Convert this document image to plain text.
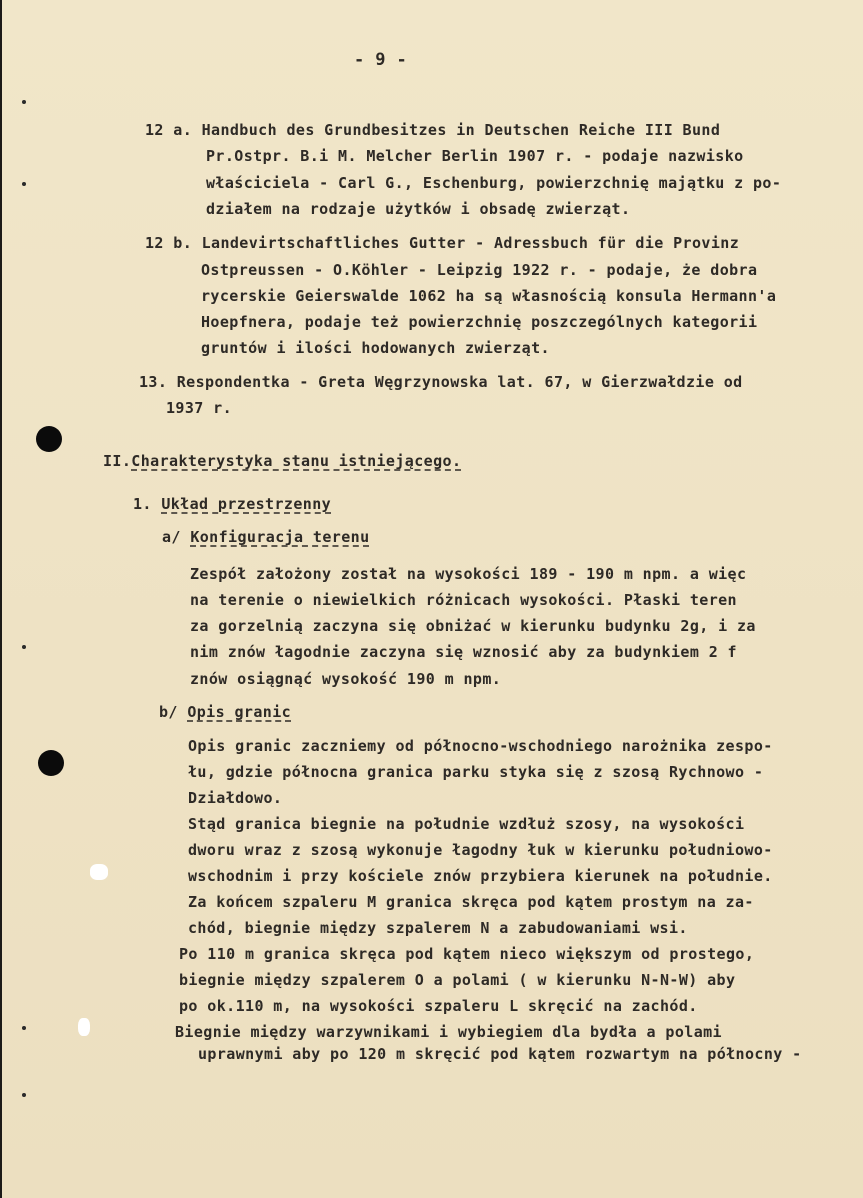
- 9 -
12 a. Handbuch des Grundbesitzes in Deutschen Reiche III Bund
Pr.Ostpr. B.i M. Melcher Berlin 1907 r. - podaje nazwisko
właściciela - Carl G., Eschenburg, powierzchnię majątku z po-
działem na rodzaje użytków i obsadę zwierząt.
12 b. Landevirtschaftliches Gutter - Adressbuch für die Provinz
Ostpreussen - O.Köhler - Leipzig 1922 r. - podaje, że dobra
rycerskie Geierswalde 1062 ha są własnością konsula Hermann'a
Hoepfnera, podaje też powierzchnię poszczególnych kategorii
gruntów i ilości hodowanych zwierząt.
13. Respondentka - Greta Węgrzynowska lat. 67, w Gierzwałdzie od
1937 r.
II.Charakterystyka stanu istniejącego.
1. Układ przestrzenny
a/ Konfiguracja terenu
Zespół założony został na wysokości 189 - 190 m npm. a więc
na terenie o niewielkich różnicach wysokości. Płaski teren
za gorzelnią zaczyna się obniżać w kierunku budynku 2g, i za
nim znów łagodnie zaczyna się wznosić aby za budynkiem 2 f
znów osiągnąć wysokość 190 m npm.
b/ Opis granic
Opis granic zaczniemy od północno-wschodniego narożnika zespo-
łu, gdzie północna granica parku styka się z szosą Rychnowo -
Działdowo.
Stąd granica biegnie na południe wzdłuż szosy, na wysokości
dworu wraz z szosą wykonuje łagodny łuk w kierunku południowo-
wschodnim i przy kościele znów przybiera kierunek na południe.
Za końcem szpaleru M granica skręca pod kątem prostym na za-
chód, biegnie między szpalerem N a zabudowaniami wsi.
Po 110 m granica skręca pod kątem nieco większym od prostego,
biegnie między szpalerem O a polami ( w kierunku N-N-W) aby
po ok.110 m, na wysokości szpaleru L skręcić na zachód.
Biegnie między warzywnikami i wybiegiem dla bydła a polami
uprawnymi aby po 120 m skręcić pod kątem rozwartym na północny -
